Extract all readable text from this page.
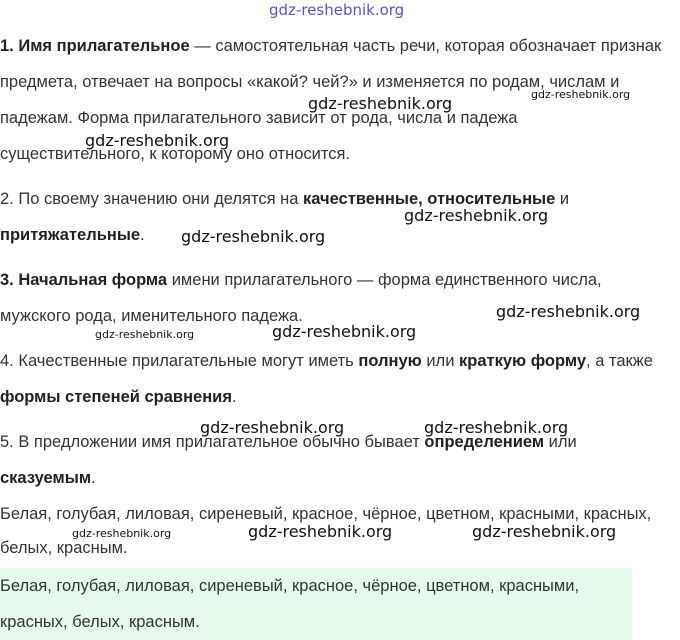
gdz-reshebnik.org

1. Имя прилагательное — самостоятельная часть речи, которая обозначает признак предмета, отвечает на вопросы «какой? чей?» и изменяется по родам, числам и падежам. Форма прилагательного зависит от рода, числа и падежа существительного, к которому оно относится.

2. По своему значению они делятся на качественные, относительные и притяжательные.

3. Начальная форма имени прилагательного — форма единственного числа, мужского рода, именительного падежа.

4. Качественные прилагательные могут иметь полную или краткую форму, а также формы степеней сравнения.

5. В предложении имя прилагательное обычно бывает определением или сказуемым.

Белая, голубая, лиловая, сиреневый, красное, чёрное, цветном, красными, красных, белых, красным.

Белая, голубая, лиловая, сиреневый, красное, чёрное, цветном, красными, красных, белых, красным.

gdz-reshebnik.org	gdz-reshebnik.org
gdz-reshebnik.org
gdz-reshebnik.org
gdz-reshebnik.org
gdz-reshebnik.org
gdz-reshebnik.org	gdz-reshebnik.org
gdz-reshebnik.org	gdz-reshebnik.org
gdz-reshebnik.org	gdz-reshebnik.org	gdz-reshebnik.org
